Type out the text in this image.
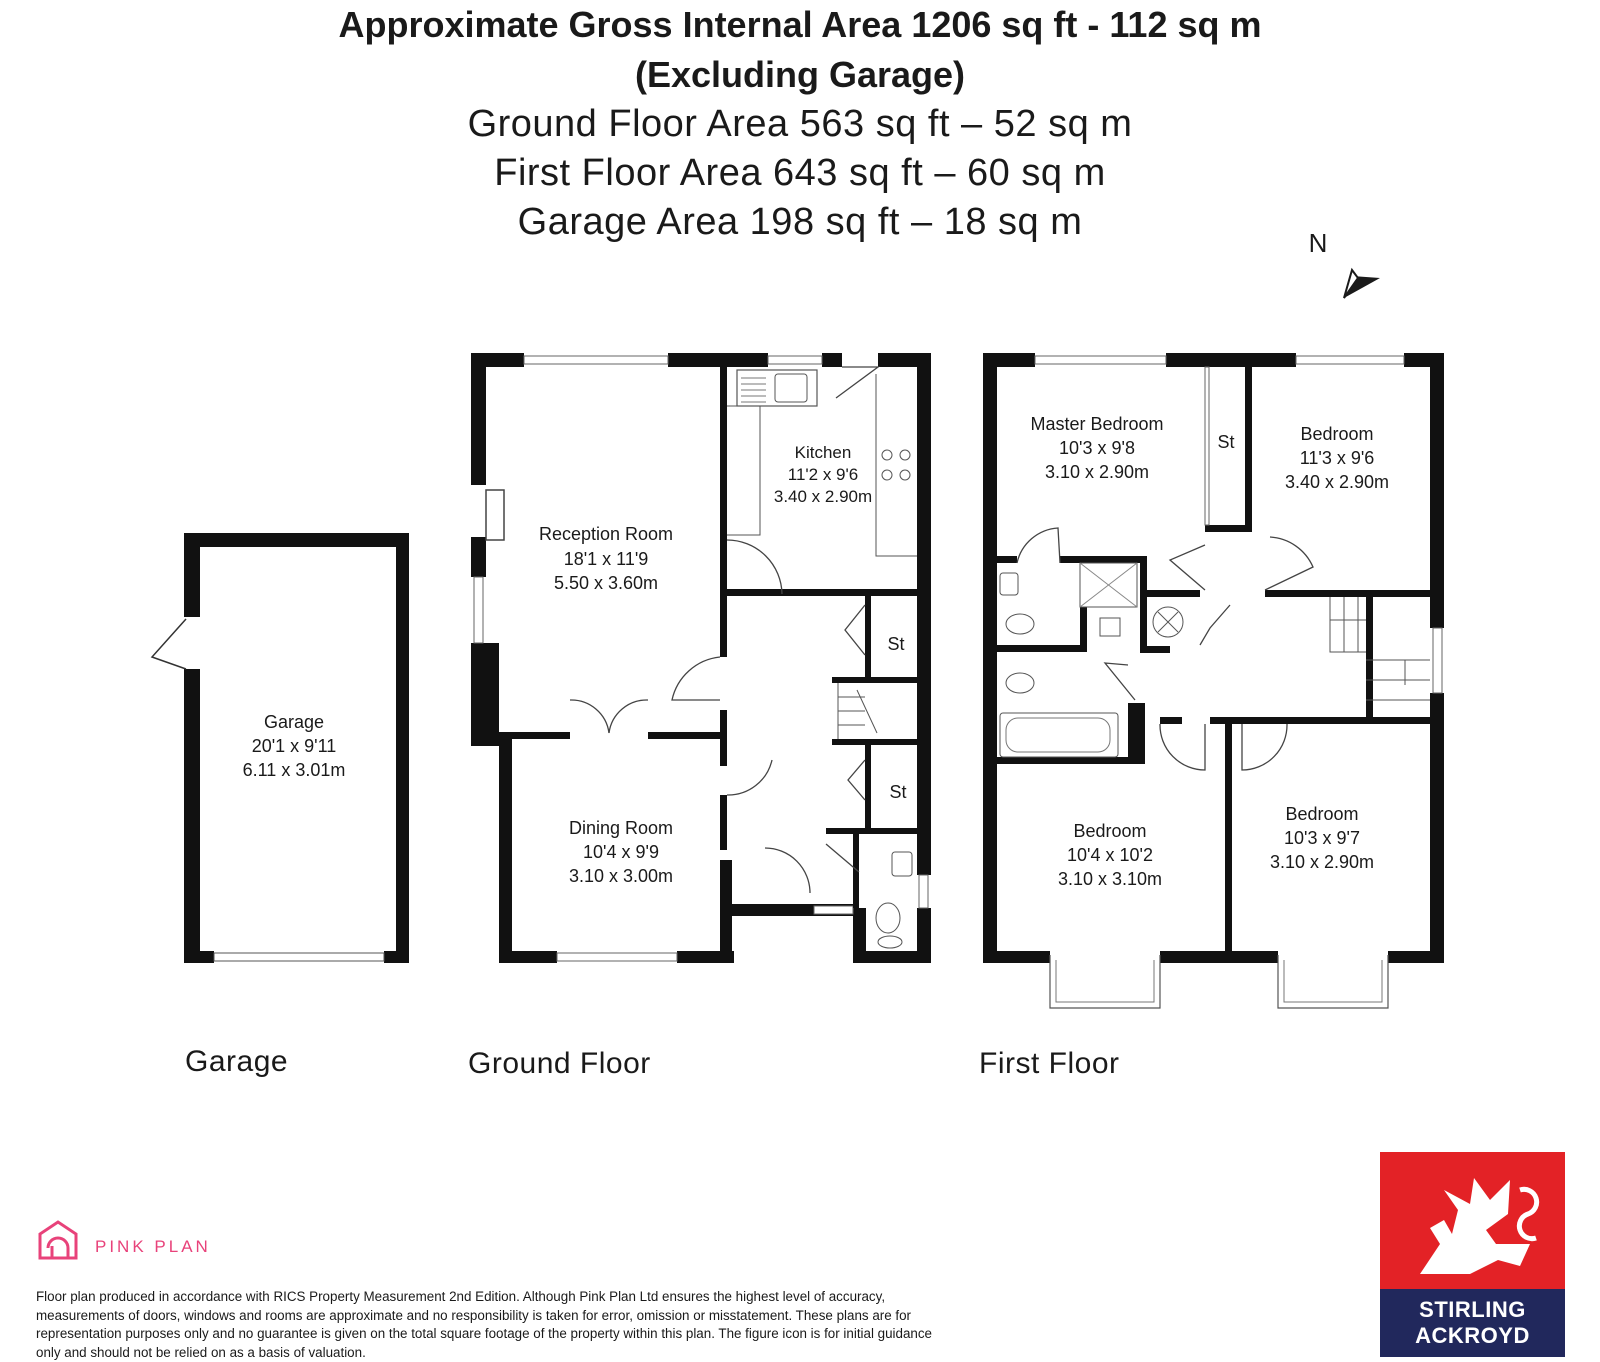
Approximate Gross Internal Area 1206 sq ft - 112 sq m
(Excluding Garage)
Ground Floor Area 563 sq ft – 52 sq m
First Floor Area 643 sq ft – 60 sq m
Garage Area 198 sq ft – 18 sq m	N
Garage
20'1 x 9'11
6.11 x 3.01m
Reception Room
18'1 x 11'9
5.50 x 3.60m
Kitchen
11'2 x 9'6
3.40 x 2.90m
Dining Room
10'4 x 9'9
3.10 x 3.00m
St
St
Master Bedroom
10'3 x 9'8
3.10 x 2.90m
St	Bedroom
11'3 x 9'6
3.40 x 2.90m
Bedroom
10'4 x 10'2
3.10 x 3.10m
Bedroom
10'3 x 9'7
3.10 x 2.90m
Garage	Ground Floor	First Floor
PINK PLAN
Floor plan produced in accordance with RICS Property Measurement 2nd Edition. Although Pink Plan Ltd ensures the highest level of accuracy, measurements of doors, windows and rooms are approximate and no responsibility is taken for error, omission or misstatement. These plans are for representation purposes only and no guarantee is given on the total square footage of the property within this plan. The figure icon is for initial guidance only and should not be relied on as a basis of valuation.
STIRLING
ACKROYD
